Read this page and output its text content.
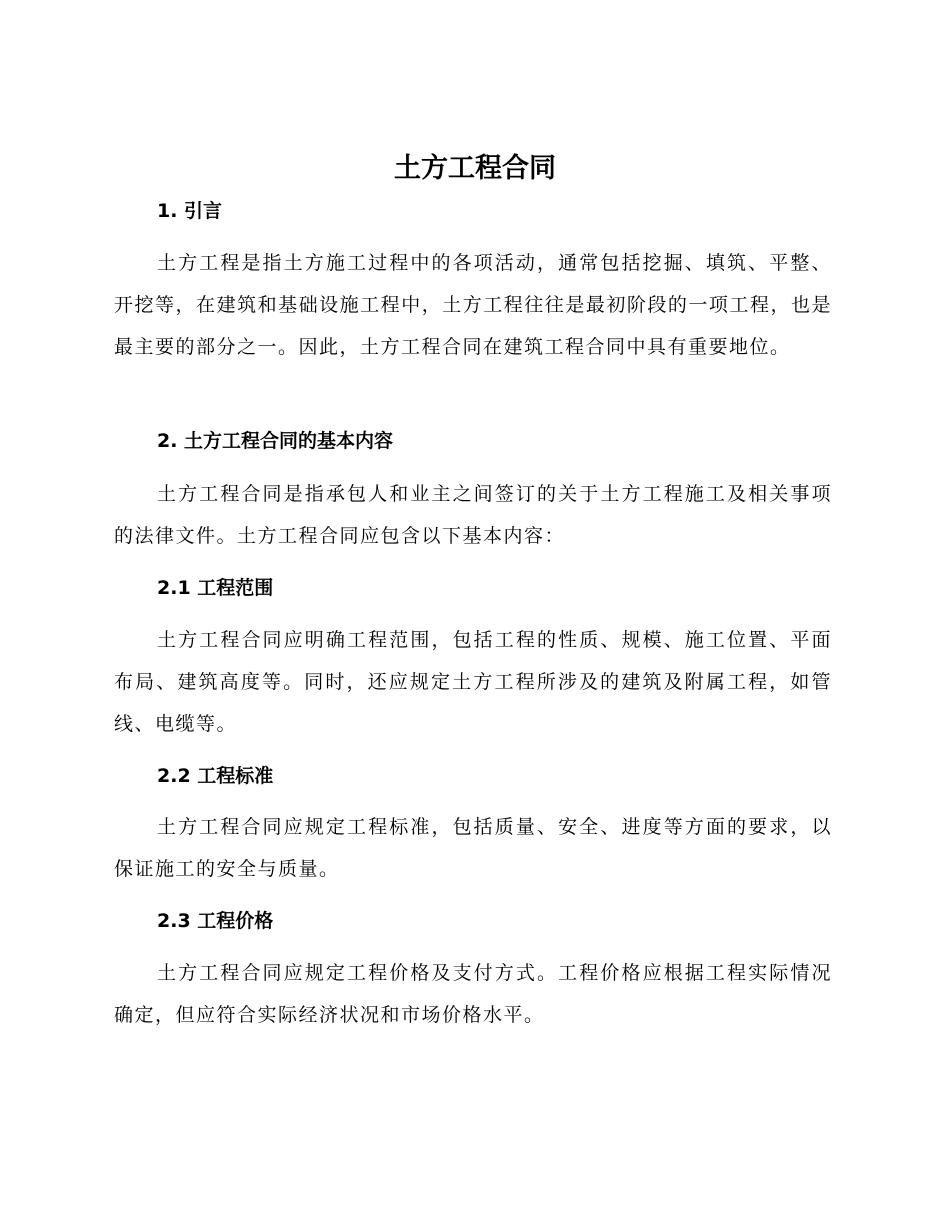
土方工程合同
1. 引言

土方工程是指土方施工过程中的各项活动，通常包括挖掘、填筑、平整、开挖等，在建筑和基础设施工程中，土方工程往往是最初阶段的一项工程，也是最主要的部分之一。因此，土方工程合同在建筑工程合同中具有重要地位。

2. 土方工程合同的基本内容

土方工程合同是指承包人和业主之间签订的关于土方工程施工及相关事项的法律文件。土方工程合同应包含以下基本内容：

2.1 工程范围

土方工程合同应明确工程范围，包括工程的性质、规模、施工位置、平面布局、建筑高度等。同时，还应规定土方工程所涉及的建筑及附属工程，如管线、电缆等。

2.2 工程标准

土方工程合同应规定工程标准，包括质量、安全、进度等方面的要求，以保证施工的安全与质量。

2.3 工程价格

土方工程合同应规定工程价格及支付方式。工程价格应根据工程实际情况确定，但应符合实际经济状况和市场价格水平。
